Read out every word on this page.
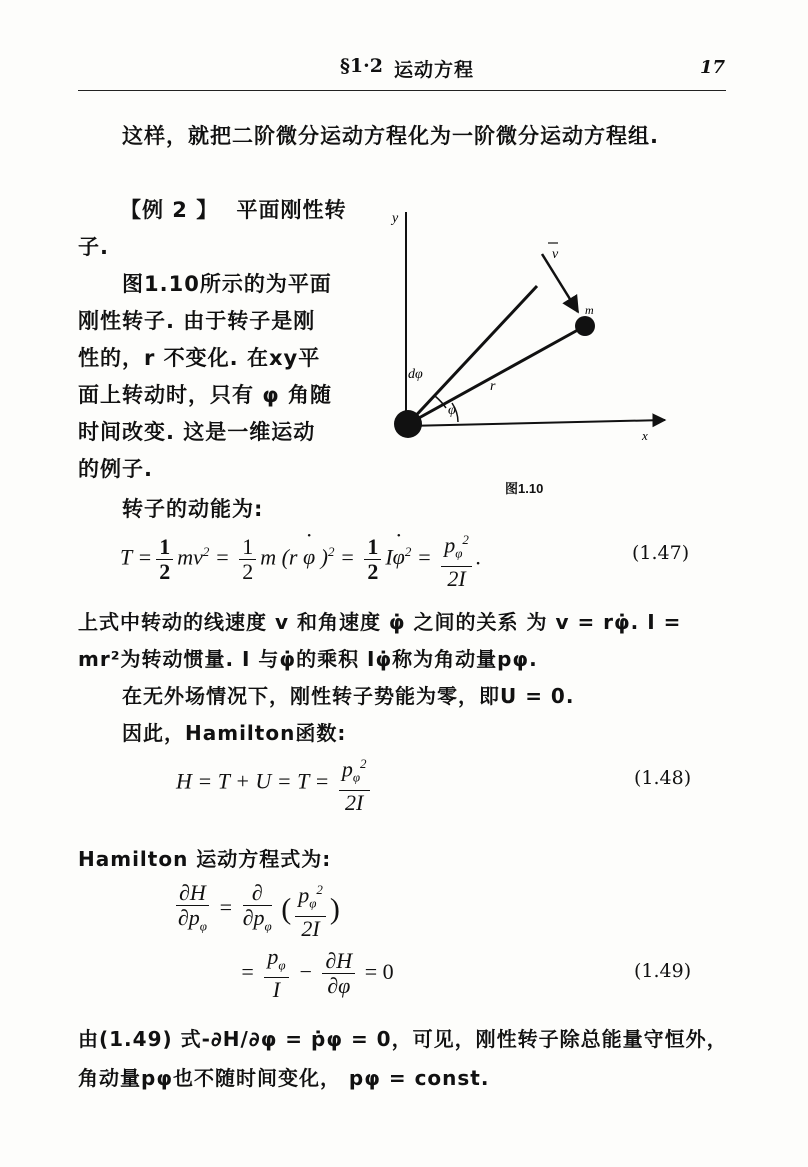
§1·2 运动方程	17
这样，就把二阶微分运动方程化为一阶微分运动方程组.
【例 2 】 平面刚性转
子.
图1.10所示的为平面
刚性转子. 由于转子是刚
性的，r 不变化. 在xy平
面上转动时，只有 φ 角随
时间改变. 这是一维运动
的例子.
y
x
v
m
r
dφ
φ
图1.10
转子的动能为:
$T = \frac{1}{2} mv^2 = \frac{1}{2}$ m (r • φ )$^2 = \frac{1}{2}$ I• $\varphi^2 = \frac{p_\varphi^2}{2I}$ .	(1.47)
上式中转动的线速度 v 和角速度 φ̇ 之间的关系 为 v = rφ̇. I =
mr²为转动惯量. I 与φ̇的乘积 Iφ̇称为角动量pφ.
在无外场情况下，刚性转子势能为零，即U = 0.
因此，Hamilton函数:
$H = T + U = T = \frac{p_\varphi^2}{2I}$	(1.48)
Hamilton 运动方程式为:
$\frac{\partial H}{\partial p_\varphi} = \frac{\partial}{\partial p_\varphi}$ ( $\frac{p_\varphi^2}{2I}$ )
= $\frac{p_\varphi}{I} - \frac{\partial H}{\partial\varphi} = 0$	(1.49)
由(1.49) 式-∂H/∂φ = ṗφ = 0，可见，刚性转子除总能量守恒外，
角动量pφ也不随时间变化， pφ = const.
